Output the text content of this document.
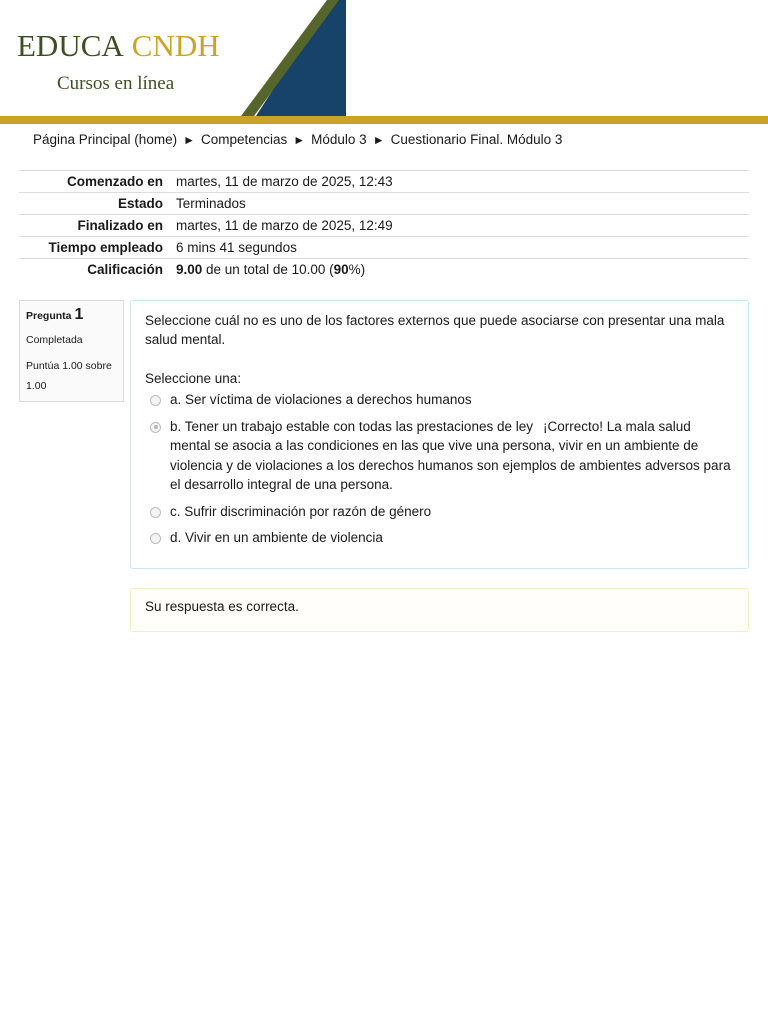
EDUCA CNDH
Cursos en línea
Página Principal (home) ► Competencias ► Módulo 3 ► Cuestionario Final. Módulo 3
Comenzado en	martes, 11 de marzo de 2025, 12:43
Estado	Terminados
Finalizado en	martes, 11 de marzo de 2025, 12:49
Tiempo empleado	6 mins 41 segundos
Calificación	9.00 de un total de 10.00 (90%)
Pregunta 1
Completada
Puntúa 1.00 sobre 1.00
Seleccione cuál no es uno de los factores externos que puede asociarse con presentar una mala salud mental.
Seleccione una:
a. Ser víctima de violaciones a derechos humanos
b. Tener un trabajo estable con todas las prestaciones de ley ¡Correcto! La mala salud mental se asocia a las condiciones en las que vive una persona, vivir en un ambiente de violencia y de violaciones a los derechos humanos son ejemplos de ambientes adversos para el desarrollo integral de una persona.
c. Sufrir discriminación por razón de género
d. Vivir en un ambiente de violencia
Su respuesta es correcta.
